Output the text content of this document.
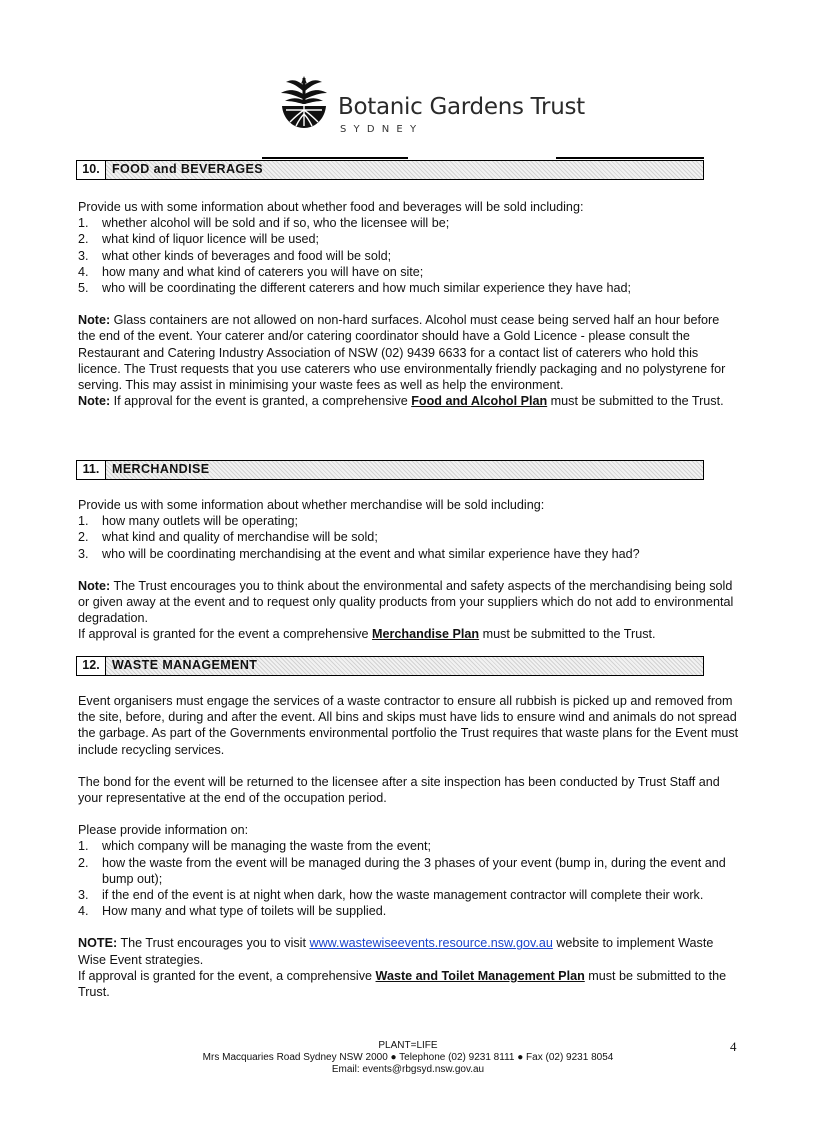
Botanic Gardens Trust
SYDNEY
10. FOOD and BEVERAGES

Provide us with some information about whether food and beverages will be sold including:

1. whether alcohol will be sold and if so, who the licensee will be;
2. what kind of liquor licence will be used;
3. what other kinds of beverages and food will be sold;
4. how many and what kind of caterers you will have on site;
5. who will be coordinating the different caterers and how much similar experience they have had;

Note: Glass containers are not allowed on non-hard surfaces. Alcohol must cease being served half an hour before the end of the event. Your caterer and/or catering coordinator should have a Gold Licence - please consult the Restaurant and Catering Industry Association of NSW (02) 9439 6633 for a contact list of caterers who hold this licence. The Trust requests that you use caterers who use environmentally friendly packaging and no polystyrene for serving. This may assist in minimising your waste fees as well as help the environment.

Note: If approval for the event is granted, a comprehensive Food and Alcohol Plan must be submitted to the Trust.

11.	MERCHANDISE

Provide us with some information about whether merchandise will be sold including:

1. how many outlets will be operating;
2. what kind and quality of merchandise will be sold;
3. who will be coordinating merchandising at the event and what similar experience have they had?

Note: The Trust encourages you to think about the environmental and safety aspects of the merchandising being sold or given away at the event and to request only quality products from your suppliers which do not add to environmental degradation.

If approval is granted for the event a comprehensive Merchandise Plan must be submitted to the Trust.

12. WASTE MANAGEMENT

Event organisers must engage the services of a waste contractor to ensure all rubbish is picked up and removed from the site, before, during and after the event. All bins and skips must have lids to ensure wind and animals do not spread the garbage. As part of the Governments environmental portfolio the Trust requires that waste plans for the Event must include recycling services.

The bond for the event will be returned to the licensee after a site inspection has been conducted by Trust Staff and your representative at the end of the occupation period.

Please provide information on:

1. which company will be managing the waste from the event;
2. how the waste from the event will be managed during the 3 phases of your event (bump in, during the event and bump out);
3. if the end of the event is at night when dark, how the waste management contractor will complete their work.
4. How many and what type of toilets will be supplied.

NOTE: The Trust encourages you to visit www.wastewiseevents.resource.nsw.gov.au website to implement Waste Wise Event strategies.

If approval is granted for the event, a comprehensive Waste and Toilet Management Plan must be submitted to the Trust.

PLANT=LIFE
Mrs Macquaries Road Sydney NSW 2000 ● Telephone (02) 9231 8111 ● Fax (02) 9231 8054
Email: events@rbgsyd.nsw.gov.au
4
